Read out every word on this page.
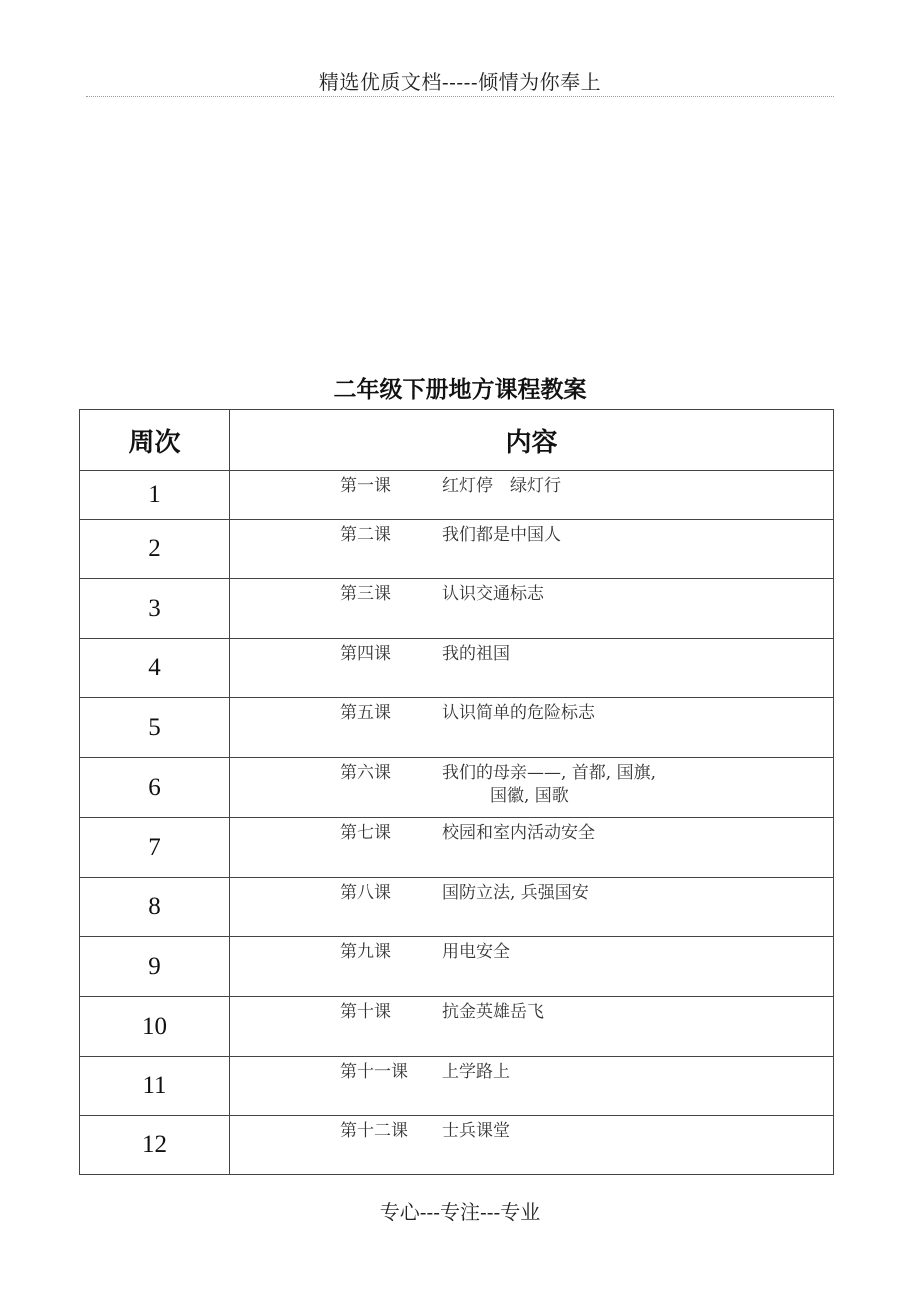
精选优质文档-----倾情为你奉上
二年级下册地方课程教案
周次	内容
1	第一课 红灯停　绿灯行

2	第二课 我们都是中国人

3	第三课 认识交通标志

4	第四课 我的祖国

5	第五课 认识简单的危险标志

6	第六课 我们的母亲——, 首都, 国旗,
国徽, 国歌

7	第七课 校园和室内活动安全

8	第八课 国防立法, 兵强国安

9	第九课 用电安全

10	第十课 抗金英雄岳飞

11	第十一课 上学路上

12	第十二课 士兵课堂
专心---专注---专业
